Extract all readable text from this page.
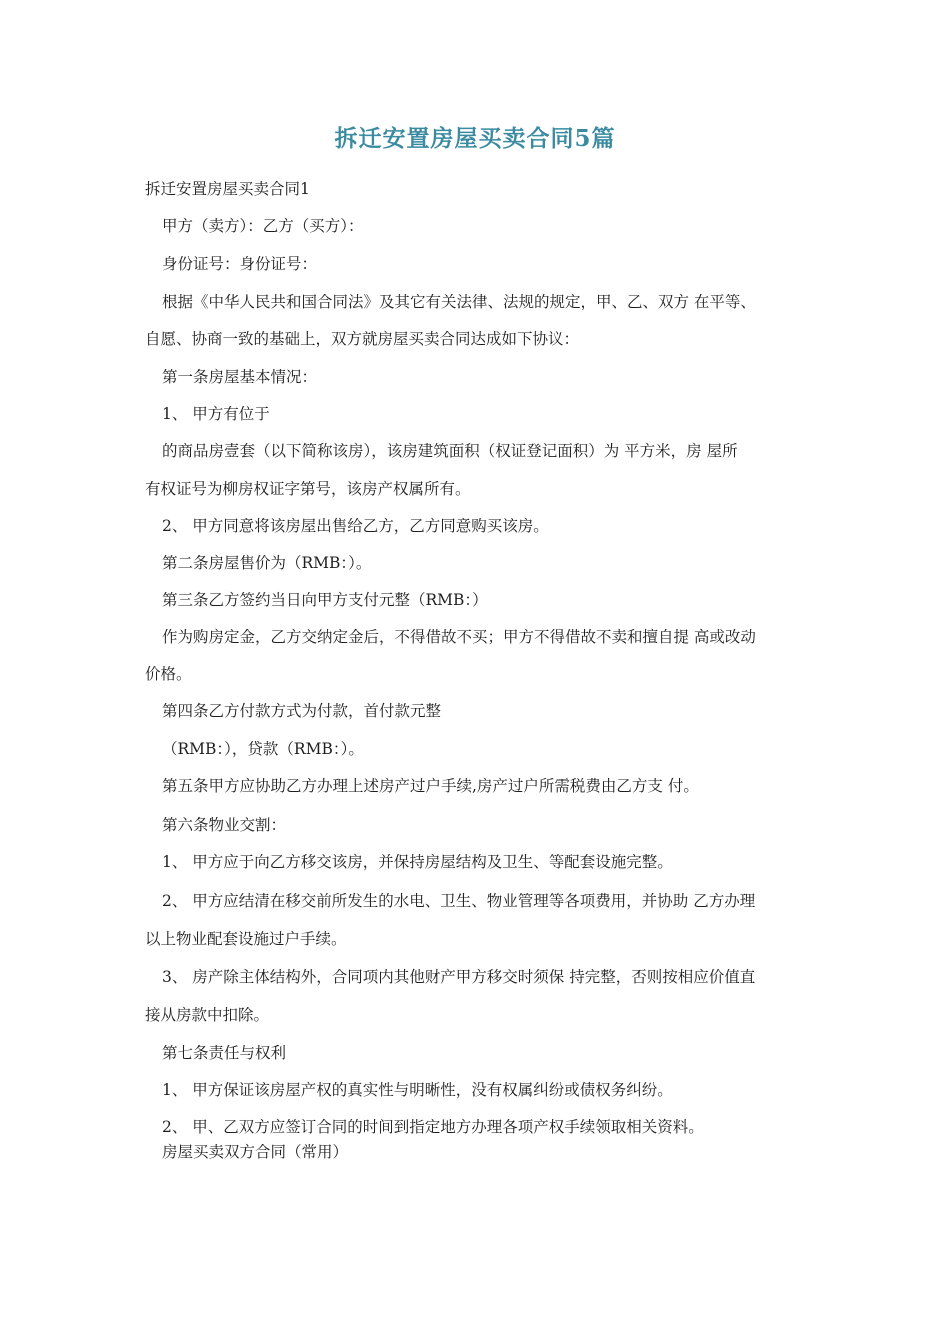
拆迁安置房屋买卖合同5篇
拆迁安置房屋买卖合同1
甲方（卖方）：乙方（买方）：
身份证号：身份证号：
根据《中华人民共和国合同法》及其它有关法律、法规的规定，甲、乙、双方 在平等、
自愿、协商一致的基础上，双方就房屋买卖合同达成如下协议：
第一条房屋基本情况：
1、 甲方有位于
的商品房壹套（以下简称该房），该房建筑面积（权证登记面积）为 平方米，房 屋所
有权证号为柳房权证字第号，该房产权属所有。
2、 甲方同意将该房屋出售给乙方，乙方同意购买该房。
第二条房屋售价为（RMB：）。
第三条乙方签约当日向甲方支付元整（RMB：）
作为购房定金，乙方交纳定金后，不得借故不买；甲方不得借故不卖和擅自提 高或改动
价格。
第四条乙方付款方式为付款，首付款元整
（RMB：），贷款（RMB：）。
第五条甲方应协助乙方办理上述房产过户手续,房产过户所需税费由乙方支 付。
第六条物业交割：
1、 甲方应于向乙方移交该房，并保持房屋结构及卫生、等配套设施完整。
2、 甲方应结清在移交前所发生的水电、卫生、物业管理等各项费用，并协助 乙方办理
以上物业配套设施过户手续。
3、 房产除主体结构外，合同项内其他财产甲方移交时须保 持完整，否则按相应价值直
接从房款中扣除。
第七条责任与权利
1、 甲方保证该房屋产权的真实性与明晰性，没有权属纠纷或债权务纠纷。
2、 甲、乙双方应签订合同的时间到指定地方办理各项产权手续领取相关资料。
房屋买卖双方合同（常用）
